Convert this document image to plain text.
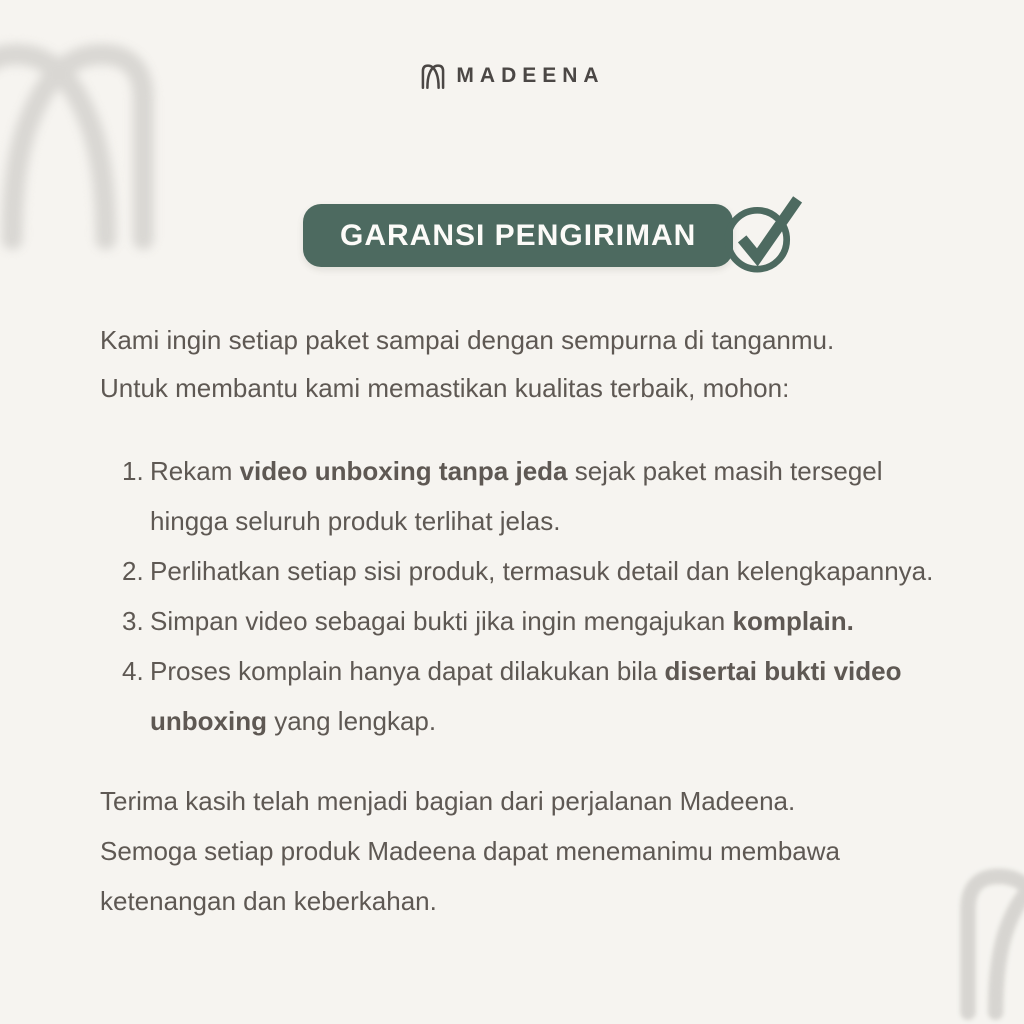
MADEENA
GARANSI PENGIRIMAN
Kami ingin setiap paket sampai dengan sempurna di tanganmu.
Untuk membantu kami memastikan kualitas terbaik, mohon:
1. Rekam video unboxing tanpa jeda sejak paket masih tersegel
hingga seluruh produk terlihat jelas.
2. Perlihatkan setiap sisi produk, termasuk detail dan kelengkapannya.
3. Simpan video sebagai bukti jika ingin mengajukan komplain.
4. Proses komplain hanya dapat dilakukan bila disertai bukti video
unboxing yang lengkap.
Terima kasih telah menjadi bagian dari perjalanan Madeena.
Semoga setiap produk Madeena dapat menemanimu membawa
ketenangan dan keberkahan.
